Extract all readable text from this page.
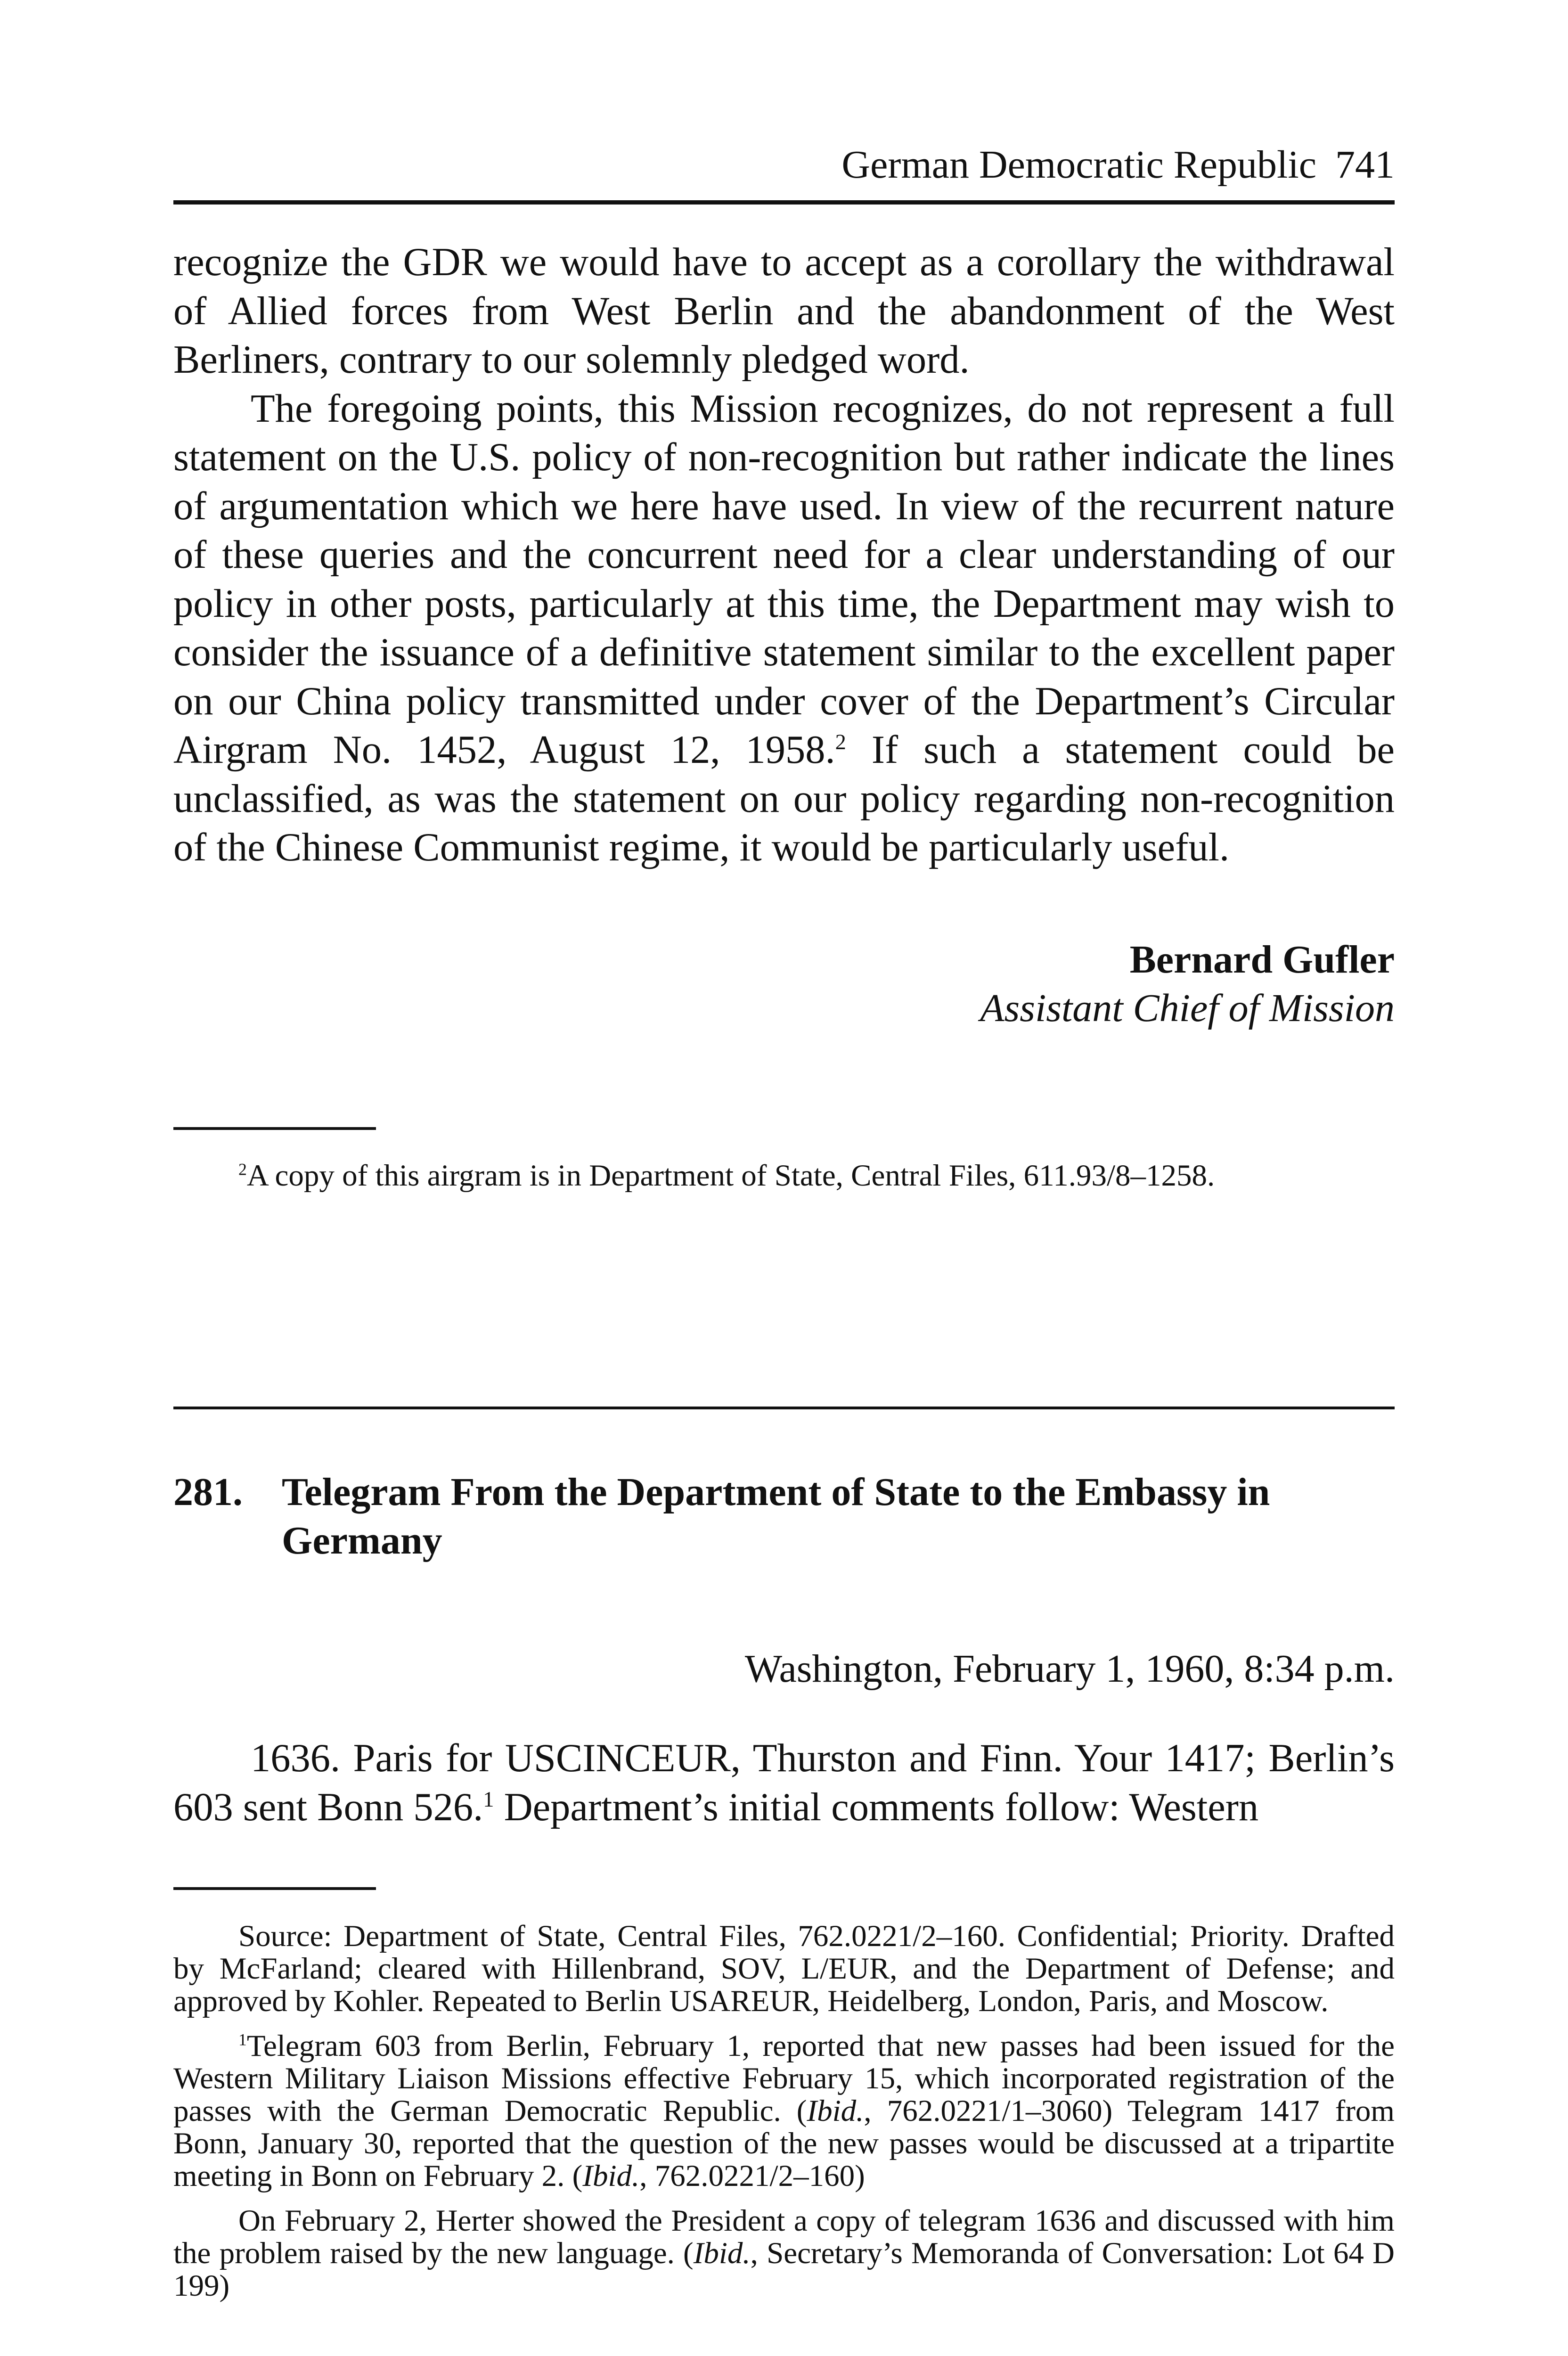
German Democratic Republic 741

recognize the GDR we would have to accept as a corollary the withdrawal of Allied forces from West Berlin and the abandonment of the West Berliners, contrary to our solemnly pledged word.

The foregoing points, this Mission recognizes, do not represent a full statement on the U.S. policy of non-recognition but rather indicate the lines of argumentation which we here have used. In view of the recurrent nature of these queries and the concurrent need for a clear understanding of our policy in other posts, particularly at this time, the Department may wish to consider the issuance of a definitive statement similar to the excellent paper on our China policy transmitted under cover of the Department’s Circular Airgram No. 1452, August 12, 1958.$^2$ If such a statement could be unclassified, as was the statement on our policy regarding non-recognition of the Chinese Communist regime, it would be particularly useful.

Bernard Gufler
Assistant Chief of Mission
$^2$A copy of this airgram is in Department of State, Central Files, 611.93/8–1258.
281. Telegram From the Department of State to the Embassy in Germany
Washington, February 1, 1960, 8:34 p.m.
1636. Paris for USCINCEUR, Thurston and Finn. Your 1417; Berlin’s 603 sent Bonn 526.$^1$ Department’s initial comments follow: Western

Source: Department of State, Central Files, 762.0221/2–160. Confidential; Priority. Drafted by McFarland; cleared with Hillenbrand, SOV, L/EUR, and the Department of Defense; and approved by Kohler. Repeated to Berlin USAREUR, Heidelberg, London, Paris, and Moscow.

$^1$Telegram 603 from Berlin, February 1, reported that new passes had been issued for the Western Military Liaison Missions effective February 15, which incorporated registration of the passes with the German Democratic Republic. (Ibid., 762.0221/1–3060) Telegram 1417 from Bonn, January 30, reported that the question of the new passes would be discussed at a tripartite meeting in Bonn on February 2. (Ibid., 762.0221/2–160)

On February 2, Herter showed the President a copy of telegram 1636 and discussed with him the problem raised by the new language. (Ibid., Secretary’s Memoranda of Conversation: Lot 64 D 199)
